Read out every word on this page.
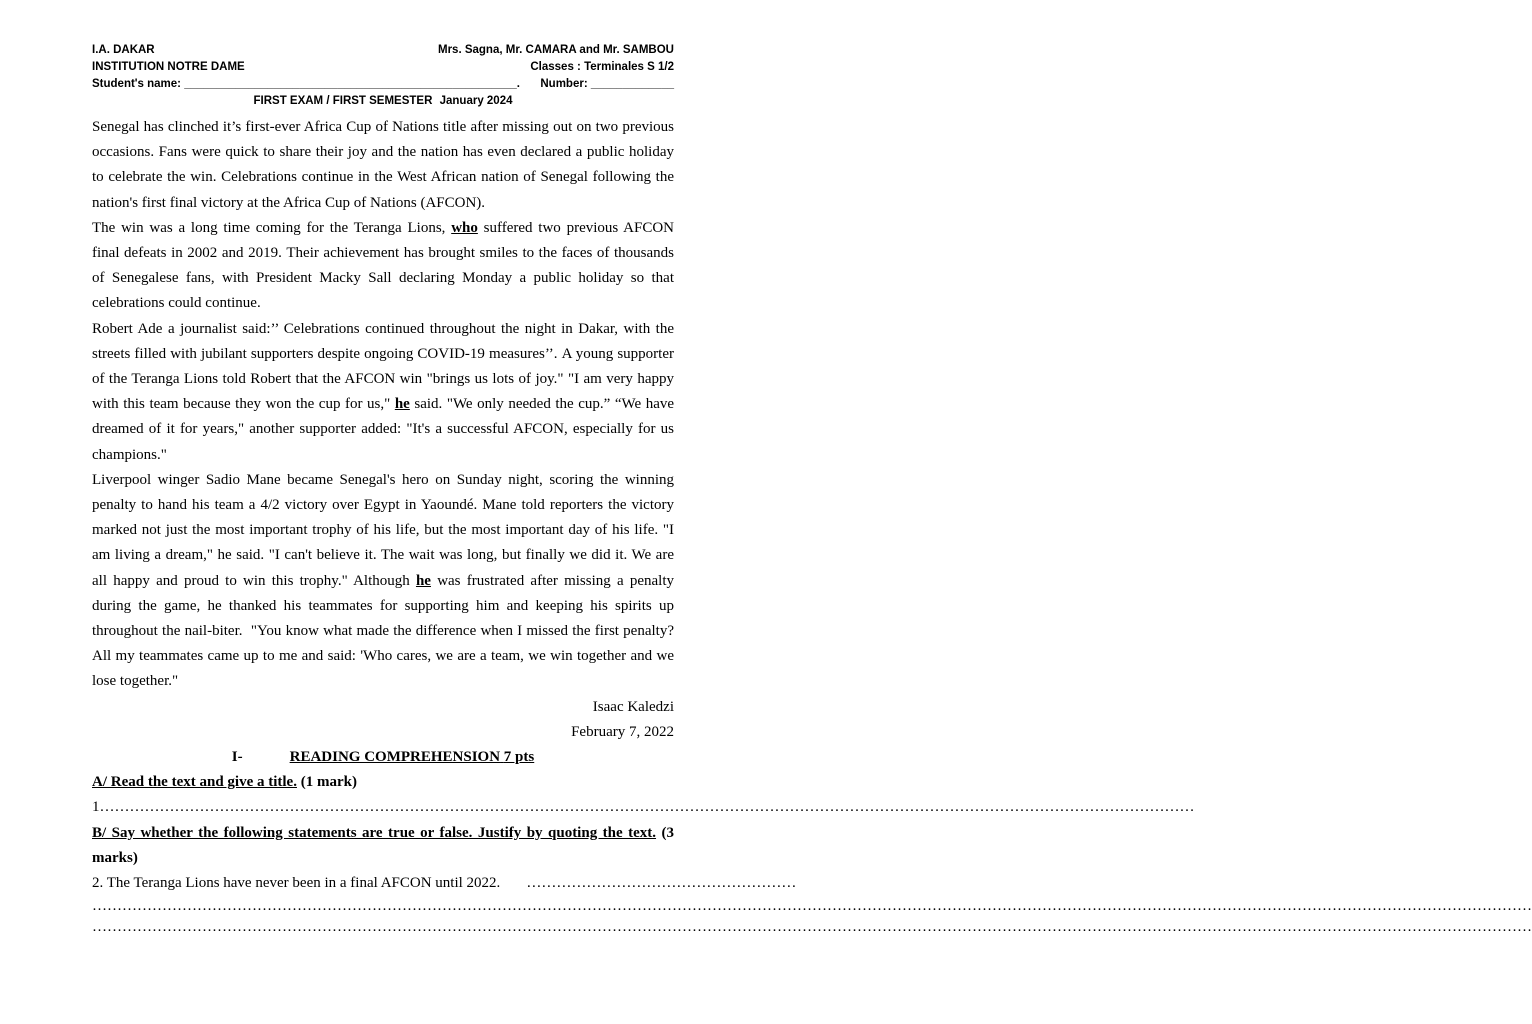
I.A. DAKAR	Mrs. Sagna, Mr. CAMARA and Mr. SAMBOU
INSTITUTION NOTRE DAME	Classes : Terminales S 1/2
Student's name: ____________________________________________________. Number: _____________
FIRST EXAM / FIRST SEMESTER January 2024

Senegal has clinched it’s first-ever Africa Cup of Nations title after missing out on two previous occasions. Fans were quick to share their joy and the nation has even declared a public holiday to celebrate the win. Celebrations continue in the West African nation of Senegal following the nation's first final victory at the Africa Cup of Nations (AFCON).

The win was a long time coming for the Teranga Lions, who suffered two previous AFCON final defeats in 2002 and 2019. Their achievement has brought smiles to the faces of thousands of Senegalese fans, with President Macky Sall declaring Monday a public holiday so that celebrations could continue.

Robert Ade a journalist said:’’ Celebrations continued throughout the night in Dakar, with the streets filled with jubilant supporters despite ongoing COVID-19 measures’’. A young supporter of the Teranga Lions told Robert that the AFCON win "brings us lots of joy." "I am very happy with this team because they won the cup for us," he said. "We only needed the cup.” “We have dreamed of it for years," another supporter added: "It's a successful AFCON, especially for us champions."

Liverpool winger Sadio Mane became Senegal's hero on Sunday night, scoring the winning penalty to hand his team a 4/2 victory over Egypt in Yaoundé. Mane told reporters the victory marked not just the most important trophy of his life, but the most important day of his life. "I am living a dream," he said. "I can't believe it. The wait was long, but finally we did it. We are all happy and proud to win this trophy." Although he was frustrated after missing a penalty during the game, he thanked his teammates for supporting him and keeping his spirits up throughout the nail-biter.  "You know what made the difference when I missed the first penalty? All my teammates came up to me and said: 'Who cares, we are a team, we win together and we lose together."

Isaac Kaledzi

February 7, 2022

I-	READING COMPREHENSION 7 pts

A/ Read the text and give a title. (1 mark)

1…………………………………………………………………………………………………………………………………………………………………………………………………

B/ Say whether the following statements are true or false. Justify by quoting the text. (3 marks)

2. The Teranga Lions have never been in a final AFCON until 2022. ………………………………………………

………………………………………………………………………………………………………………………………………………………………………………………………………………………………………………………………

………………………………………………………………………………………………………………………………………………………………………………………………………………………………………………………………
